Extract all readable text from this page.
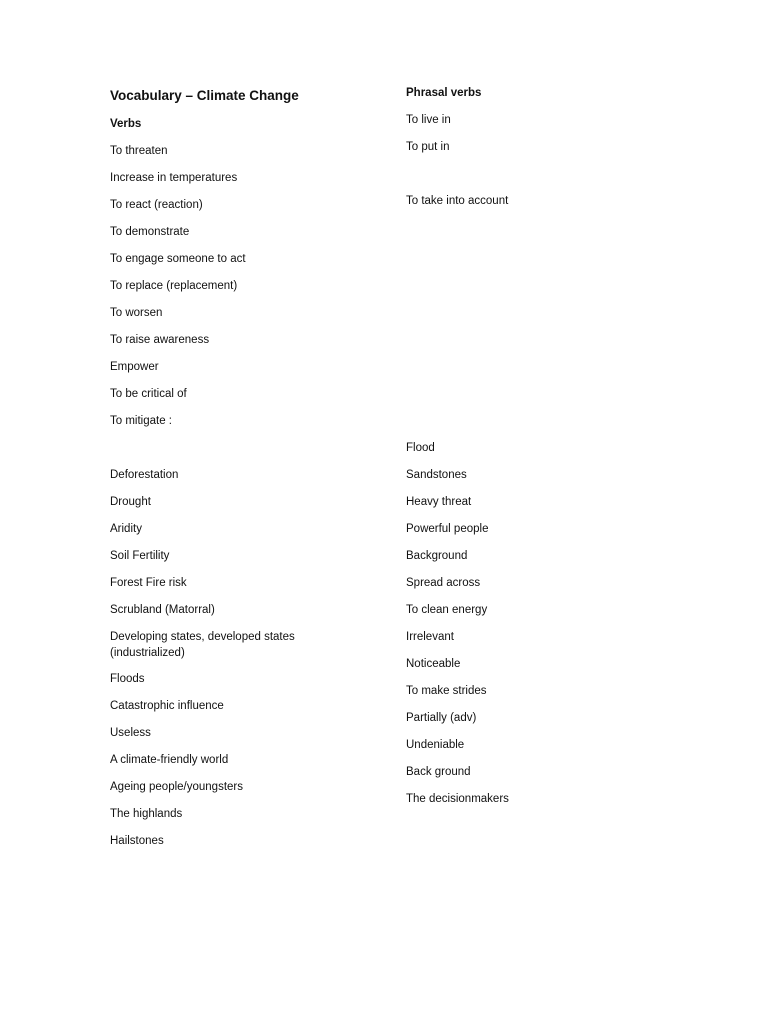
Vocabulary – Climate Change
Verbs
To threaten
Increase in temperatures
To react (reaction)
To demonstrate
To engage someone to act
To replace (replacement)
To worsen
To raise awareness
Empower
To be critical of
To mitigate :
Deforestation
Drought
Aridity
Soil Fertility
Forest Fire risk
Scrubland (Matorral)
Developing states, developed states (industrialized)
Floods
Catastrophic influence
Useless
A climate-friendly world
Ageing people/youngsters
The highlands
Hailstones
Phrasal verbs
To live in
To put in
To take into account
Flood
Sandstones
Heavy threat
Powerful people
Background
Spread across
To clean energy
Irrelevant
Noticeable
To make strides
Partially (adv)
Undeniable
Back ground
The decisionmakers
